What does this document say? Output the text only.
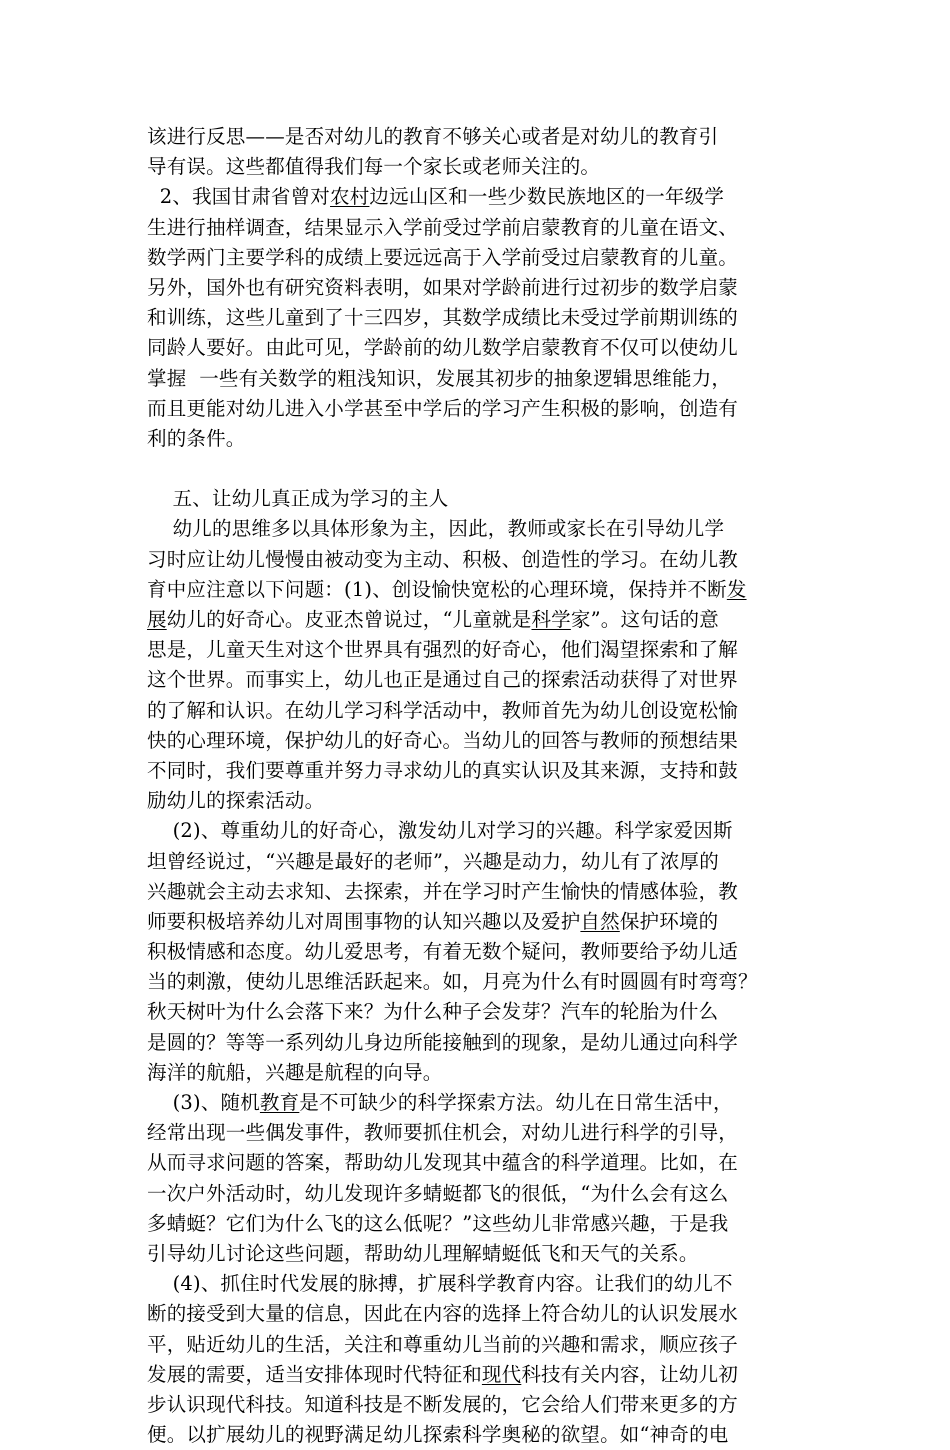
该进行反思——是否对幼儿的教育不够关心或者是对幼儿的教育引
导有误。这些都值得我们每一个家长或老师关注的。
2、我国甘肃省曾对农村边远山区和一些少数民族地区的一年级学
生进行抽样调查，结果显示入学前受过学前启蒙教育的儿童在语文、
数学两门主要学科的成绩上要远远高于入学前受过启蒙教育的儿童。
另外，国外也有研究资料表明，如果对学龄前进行过初步的数学启蒙
和训练，这些儿童到了十三四岁，其数学成绩比未受过学前期训练的
同龄人要好。由此可见，学龄前的幼儿数学启蒙教育不仅可以使幼儿
掌握  一些有关数学的粗浅知识，发展其初步的抽象逻辑思维能力，
而且更能对幼儿进入小学甚至中学后的学习产生积极的影响，创造有
利的条件。
五、让幼儿真正成为学习的主人
幼儿的思维多以具体形象为主，因此，教师或家长在引导幼儿学
习时应让幼儿慢慢由被动变为主动、积极、创造性的学习。在幼儿教
育中应注意以下问题：(1)、创设愉快宽松的心理环境，保持并不断发
展幼儿的好奇心。皮亚杰曾说过，“儿童就是科学家”。这句话的意
思是，儿童天生对这个世界具有强烈的好奇心，他们渴望探索和了解
这个世界。而事实上，幼儿也正是通过自己的探索活动获得了对世界
的了解和认识。在幼儿学习科学活动中，教师首先为幼儿创设宽松愉
快的心理环境，保护幼儿的好奇心。当幼儿的回答与教师的预想结果
不同时，我们要尊重并努力寻求幼儿的真实认识及其来源，支持和鼓
励幼儿的探索活动。
(2)、尊重幼儿的好奇心，激发幼儿对学习的兴趣。科学家爱因斯
坦曾经说过，“兴趣是最好的老师”，兴趣是动力，幼儿有了浓厚的
兴趣就会主动去求知、去探索，并在学习时产生愉快的情感体验，教
师要积极培养幼儿对周围事物的认知兴趣以及爱护自然保护环境的
积极情感和态度。幼儿爱思考，有着无数个疑问，教师要给予幼儿适
当的刺激，使幼儿思维活跃起来。如，月亮为什么有时圆圆有时弯弯？
秋天树叶为什么会落下来？为什么种子会发芽？汽车的轮胎为什么
是圆的？等等一系列幼儿身边所能接触到的现象，是幼儿通过向科学
海洋的航船，兴趣是航程的向导。
(3)、随机教育是不可缺少的科学探索方法。幼儿在日常生活中，
经常出现一些偶发事件，教师要抓住机会，对幼儿进行科学的引导，
从而寻求问题的答案，帮助幼儿发现其中蕴含的科学道理。比如，在
一次户外活动时，幼儿发现许多蜻蜓都飞的很低，“为什么会有这么
多蜻蜓？它们为什么飞的这么低呢？”这些幼儿非常感兴趣，于是我
引导幼儿讨论这些问题，帮助幼儿理解蜻蜓低飞和天气的关系。
(4)、抓住时代发展的脉搏，扩展科学教育内容。让我们的幼儿不
断的接受到大量的信息，因此在内容的选择上符合幼儿的认识发展水
平，贴近幼儿的生活，关注和尊重幼儿当前的兴趣和需求，顺应孩子
发展的需要，适当安排体现时代特征和现代科技有关内容，让幼儿初
步认识现代科技。知道科技是不断发展的，它会给人们带来更多的方
便。以扩展幼儿的视野满足幼儿探索科学奥秘的欲望。如“神奇的电
